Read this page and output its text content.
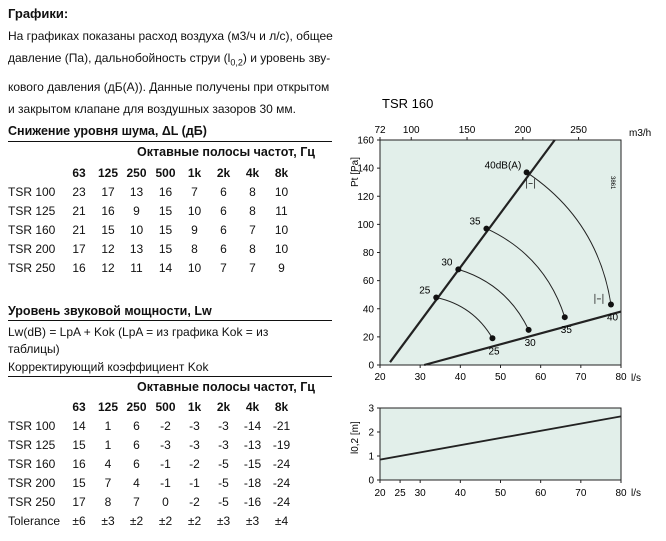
Графики:
На графиках показаны расход воздуха (м3/ч и л/с), общее
давление (Па), дальнобойность струи $(l_{0,2})$ и уровень зву-
кового давления (дБ(А)). Данные получены при открытом
и закрытом клапане для воздушных зазоров 30 мм.
Снижение уровня шума, ΔL (дБ)
Октавные полосы частот, Гц
	63	125	250	500	1k	2k	4k	8k
TSR 100	23	17	13	16	7	6	8	10
TSR 125	21	16	9	15	10	6	8	11
TSR 160	21	15	10	15	9	6	7	10
TSR 200	17	12	13	15	8	6	8	10
TSR 250	16	12	11	14	10	7	7	9
Уровень звуковой мощности, Lw
Lw(dB) = LpA + Kok (LpA = из графика Kok = из
таблицы)
Корректирующий коэффициент Kok
Октавные полосы частот, Гц
	63	125	250	500	1k	2k	4k	8k
TSR 100	14	1	6	-2	-3	-3	-14	-21
TSR 125	15	1	6	-3	-3	-3	-13	-19
TSR 160	16	4	6	-1	-2	-5	-15	-24
TSR 200	15	7	4	-1	-1	-5	-18	-24
TSR 250	17	8	7	0	-2	-5	-16	-24
Tolerance	±6	±3	±2	±2	±2	±3	±3	±4
TSR 160
0
20
40
60
80
100
120
140
160
20	30	40	50	60	70	80
72 100	150	200	250
l/s
m3/h
Pt [Pa]	3861
40dB(A)
40
35
35
30
30
25
25
0
1
2
3
20 25 30	40	50	60	70	80 l/s
l0,2 [m]
